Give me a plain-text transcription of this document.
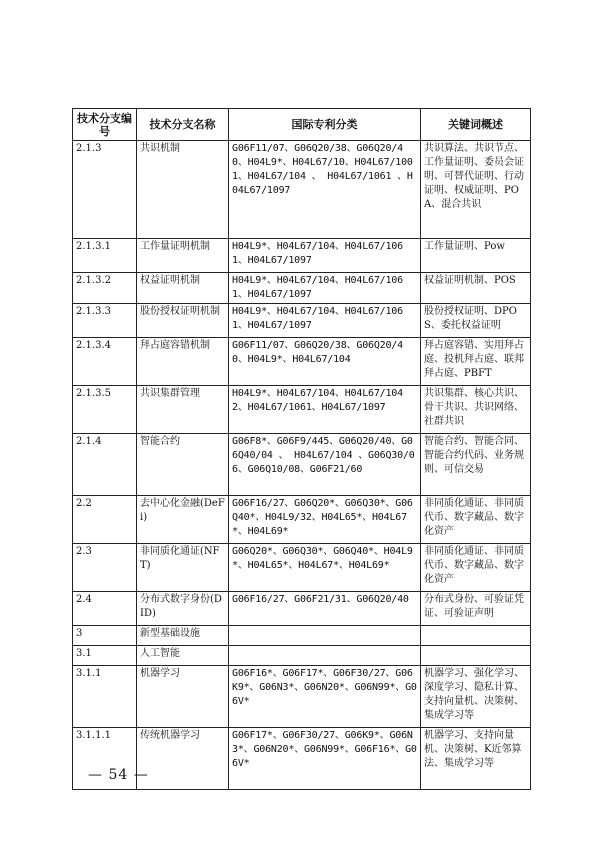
技术分支编号	技术分支名称	国际专利分类	关键词概述
2.1.3	共识机制	G06F11/07、G06Q20/38、G06Q20/40、H04L9*、H04L67/10、H04L67/1001、H04L67/104 、 H04L67/1061 、H04L67/1097	共识算法、共识节点、工作量证明、委员会证明、可替代证明、行动证明、权威证明、POA、混合共识
2.1.3.1	工作量证明机制	H04L9*、H04L67/104、H04L67/1061、H04L67/1097	工作量证明、Pow
2.1.3.2	权益证明机制	H04L9*、H04L67/104、H04L67/1061、H04L67/1097	权益证明机制、POS
2.1.3.3	股份授权证明机制	H04L9*、H04L67/104、H04L67/1061、H04L67/1097	股份授权证明、DPOS、委托权益证明
2.1.3.4	拜占庭容错机制	G06F11/07、G06Q20/38、G06Q20/40、H04L9*、H04L67/104	拜占庭容错、实用拜占庭、投机拜占庭、联邦拜占庭、PBFT
2.1.3.5	共识集群管理	H04L9*、H04L67/104、H04L67/1042、H04L67/1061、H04L67/1097	共识集群、核心共识、骨干共识、共识网络、社群共识
2.1.4	智能合约	G06F8*、G06F9/445、G06Q20/40、G06Q40/04 、 H04L67/104 、G06Q30/06、G06Q10/08、G06F21/60	智能合约、智能合同、智能合约代码、业务规则、可信交易
2.2	去中心化金融(DeFi)	G06F16/27、G06Q20*、G06Q30*、G06Q40*、H04L9/32、H04L65*、H04L67*、H04L69*	非同质化通证、非同质代币、数字藏品、数字化资产
2.3	非同质化通证(NFT)	G06Q20*、G06Q30*、G06Q40*、H04L9*、H04L65*、H04L67*、H04L69*	非同质化通证、非同质代币、数字藏品、数字化资产
2.4	分布式数字身份(DID)	G06F16/27、G06F21/31、G06Q20/40	分布式身份、可验证凭证、可验证声明
3	新型基础设施		
3.1	人工智能		
3.1.1	机器学习	G06F16*、G06F17*、G06F30/27、G06K9*、G06N3*、G06N20*、G06N99*、G06V*	机器学习、强化学习、深度学习、隐私计算、支持向量机、决策树、集成学习等
3.1.1.1	传统机器学习	G06F17*、G06F30/27、G06K9*、G06N3*、G06N20*、G06N99*、G06F16*、G06V*	机器学习、支持向量机、决策树、K近邻算法、集成学习等
— 54 —
